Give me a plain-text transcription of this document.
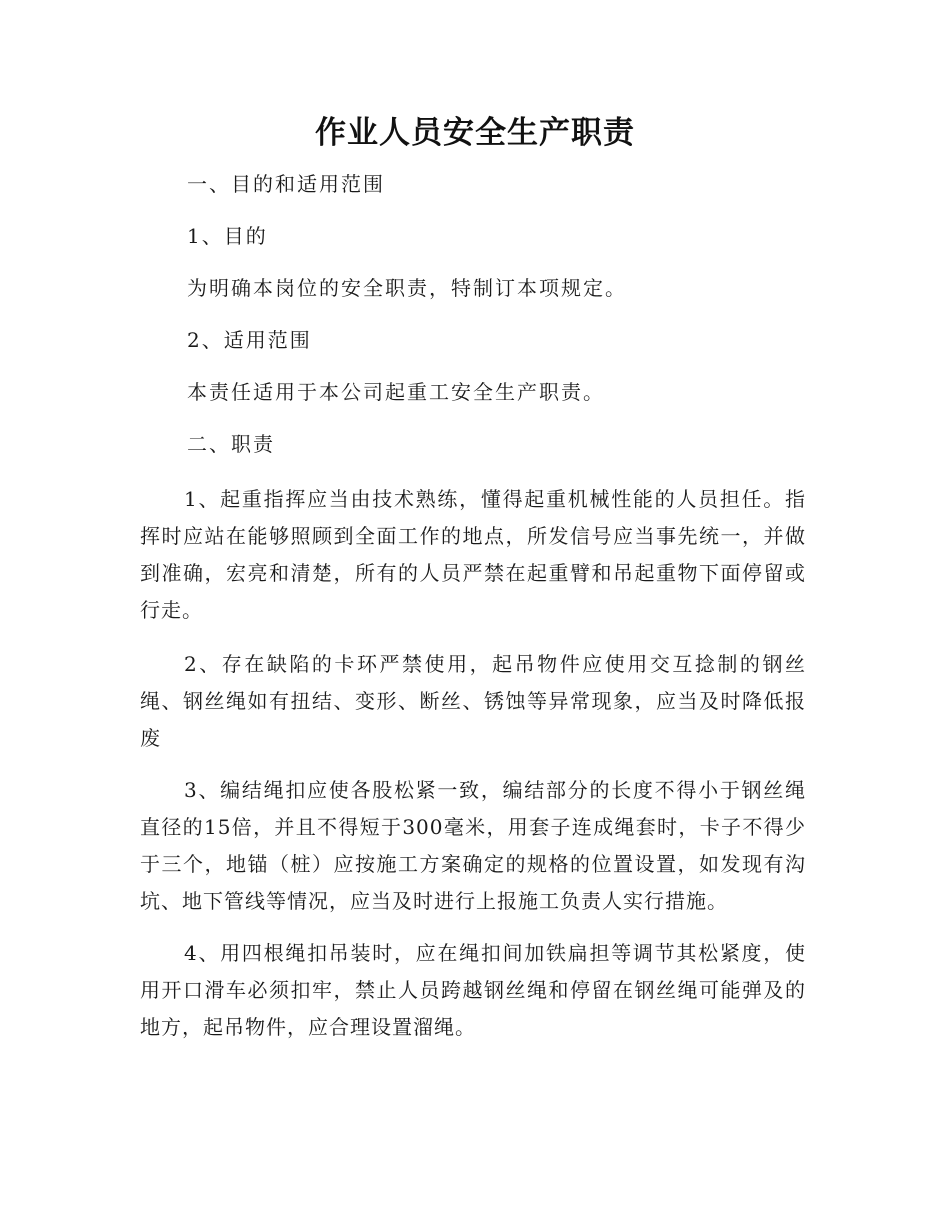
作业人员安全生产职责
一、目的和适用范围
1、目的
为明确本岗位的安全职责，特制订本项规定。
2、适用范围
本责任适用于本公司起重工安全生产职责。
二、职责
1、起重指挥应当由技术熟练，懂得起重机械性能的人员担任。指挥时应站在能够照顾到全面工作的地点，所发信号应当事先统一，并做到准确，宏亮和清楚，所有的人员严禁在起重臂和吊起重物下面停留或行走。
2、存在缺陷的卡环严禁使用，起吊物件应使用交互捻制的钢丝绳、钢丝绳如有扭结、变形、断丝、锈蚀等异常现象，应当及时降低报废
3、编结绳扣应使各股松紧一致，编结部分的长度不得小于钢丝绳直径的15倍，并且不得短于300毫米，用套子连成绳套时，卡子不得少于三个，地锚（桩）应按施工方案确定的规格的位置设置，如发现有沟坑、地下管线等情况，应当及时进行上报施工负责人实行措施。
4、用四根绳扣吊装时，应在绳扣间加铁扁担等调节其松紧度，使用开口滑车必须扣牢，禁止人员跨越钢丝绳和停留在钢丝绳可能弹及的地方，起吊物件，应合理设置溜绳。
